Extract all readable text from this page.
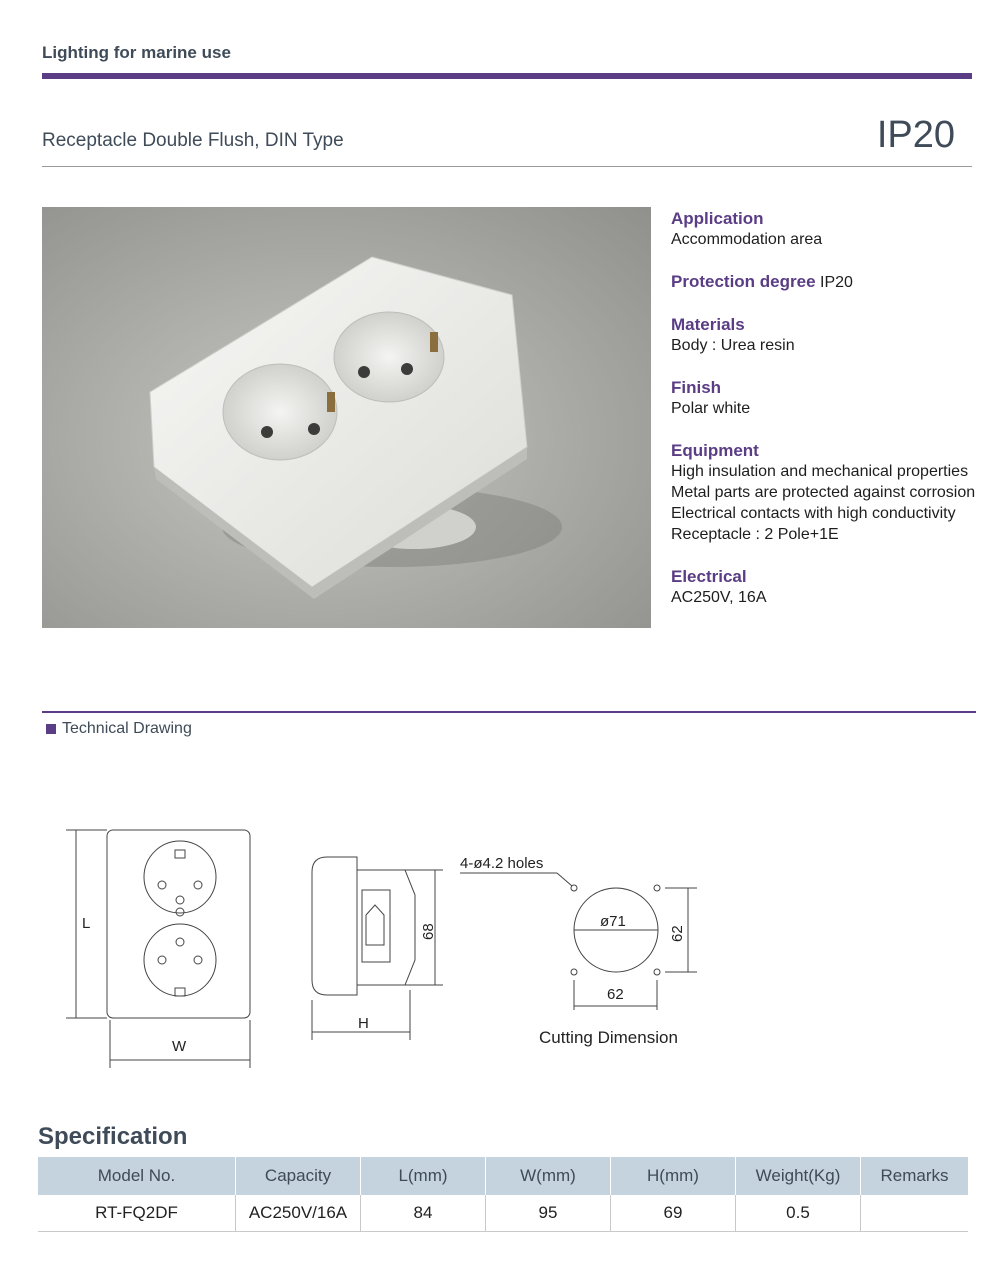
Lighting for marine use
Receptacle Double Flush, DIN Type	IP20
Application
Accommodation area
Protection degree IP20
Materials
Body : Urea resin
Finish
Polar white
Equipment
High insulation and mechanical properties
Metal parts are protected against corrosion
Electrical contacts with high conductivity
Receptacle : 2 Pole+1E
Electrical
AC250V, 16A
Technical Drawing
L
W
H
68
4-ø4.2 holes
ø71
62
62
Cutting Dimension
Specification
Model No.	Capacity	L(mm)	W(mm)	H(mm)	Weight(Kg)	Remarks
RT-FQ2DF	AC250V/16A	84	95	69	0.5	
